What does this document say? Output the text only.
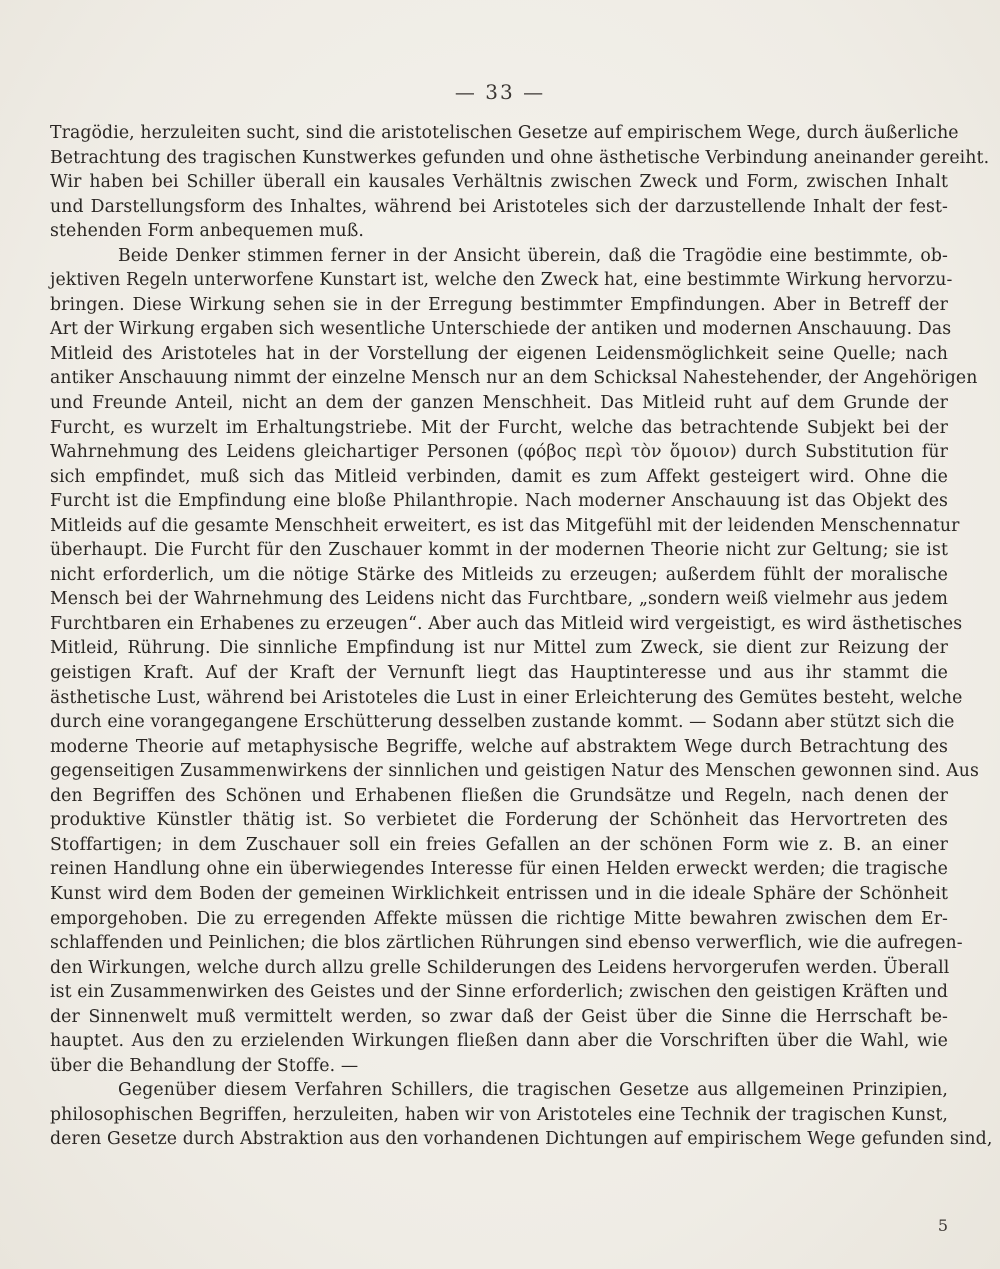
— 33 —
Tragödie, herzuleiten sucht, sind die aristotelischen Gesetze auf empirischem Wege, durch äußerliche
Betrachtung des tragischen Kunstwerkes gefunden und ohne ästhetische Verbindung aneinander gereiht.
Wir haben bei Schiller überall ein kausales Verhältnis zwischen Zweck und Form, zwischen Inhalt
und Darstellungsform des Inhaltes, während bei Aristoteles sich der darzustellende Inhalt der fest-
stehenden Form anbequemen muß.
Beide Denker stimmen ferner in der Ansicht überein, daß die Tragödie eine bestimmte, ob-
jektiven Regeln unterworfene Kunstart ist, welche den Zweck hat, eine bestimmte Wirkung hervorzu-
bringen. Diese Wirkung sehen sie in der Erregung bestimmter Empfindungen. Aber in Betreff der
Art der Wirkung ergaben sich wesentliche Unterschiede der antiken und modernen Anschauung. Das
Mitleid des Aristoteles hat in der Vorstellung der eigenen Leidensmöglichkeit seine Quelle; nach
antiker Anschauung nimmt der einzelne Mensch nur an dem Schicksal Nahestehender, der Angehörigen
und Freunde Anteil, nicht an dem der ganzen Menschheit. Das Mitleid ruht auf dem Grunde der
Furcht, es wurzelt im Erhaltungstriebe. Mit der Furcht, welche das betrachtende Subjekt bei der
Wahrnehmung des Leidens gleichartiger Personen (φόβος περὶ τὸν ὅμοιον) durch Substitution für
sich empfindet, muß sich das Mitleid verbinden, damit es zum Affekt gesteigert wird. Ohne die
Furcht ist die Empfindung eine bloße Philanthropie. Nach moderner Anschauung ist das Objekt des
Mitleids auf die gesamte Menschheit erweitert, es ist das Mitgefühl mit der leidenden Menschennatur
überhaupt. Die Furcht für den Zuschauer kommt in der modernen Theorie nicht zur Geltung; sie ist
nicht erforderlich, um die nötige Stärke des Mitleids zu erzeugen; außerdem fühlt der moralische
Mensch bei der Wahrnehmung des Leidens nicht das Furchtbare, „sondern weiß vielmehr aus jedem
Furchtbaren ein Erhabenes zu erzeugen“. Aber auch das Mitleid wird vergeistigt, es wird ästhetisches
Mitleid, Rührung. Die sinnliche Empfindung ist nur Mittel zum Zweck, sie dient zur Reizung der
geistigen Kraft. Auf der Kraft der Vernunft liegt das Hauptinteresse und aus ihr stammt die
ästhetische Lust, während bei Aristoteles die Lust in einer Erleichterung des Gemütes besteht, welche
durch eine vorangegangene Erschütterung desselben zustande kommt. — Sodann aber stützt sich die
moderne Theorie auf metaphysische Begriffe, welche auf abstraktem Wege durch Betrachtung des
gegenseitigen Zusammenwirkens der sinnlichen und geistigen Natur des Menschen gewonnen sind. Aus
den Begriffen des Schönen und Erhabenen fließen die Grundsätze und Regeln, nach denen der
produktive Künstler thätig ist. So verbietet die Forderung der Schönheit das Hervortreten des
Stoffartigen; in dem Zuschauer soll ein freies Gefallen an der schönen Form wie z. B. an einer
reinen Handlung ohne ein überwiegendes Interesse für einen Helden erweckt werden; die tragische
Kunst wird dem Boden der gemeinen Wirklichkeit entrissen und in die ideale Sphäre der Schönheit
emporgehoben. Die zu erregenden Affekte müssen die richtige Mitte bewahren zwischen dem Er-
schlaffenden und Peinlichen; die blos zärtlichen Rührungen sind ebenso verwerflich, wie die aufregen-
den Wirkungen, welche durch allzu grelle Schilderungen des Leidens hervorgerufen werden. Überall
ist ein Zusammenwirken des Geistes und der Sinne erforderlich; zwischen den geistigen Kräften und
der Sinnenwelt muß vermittelt werden, so zwar daß der Geist über die Sinne die Herrschaft be-
hauptet. Aus den zu erzielenden Wirkungen fließen dann aber die Vorschriften über die Wahl, wie
über die Behandlung der Stoffe. —
Gegenüber diesem Verfahren Schillers, die tragischen Gesetze aus allgemeinen Prinzipien,
philosophischen Begriffen, herzuleiten, haben wir von Aristoteles eine Technik der tragischen Kunst,
deren Gesetze durch Abstraktion aus den vorhandenen Dichtungen auf empirischem Wege gefunden sind,
5
